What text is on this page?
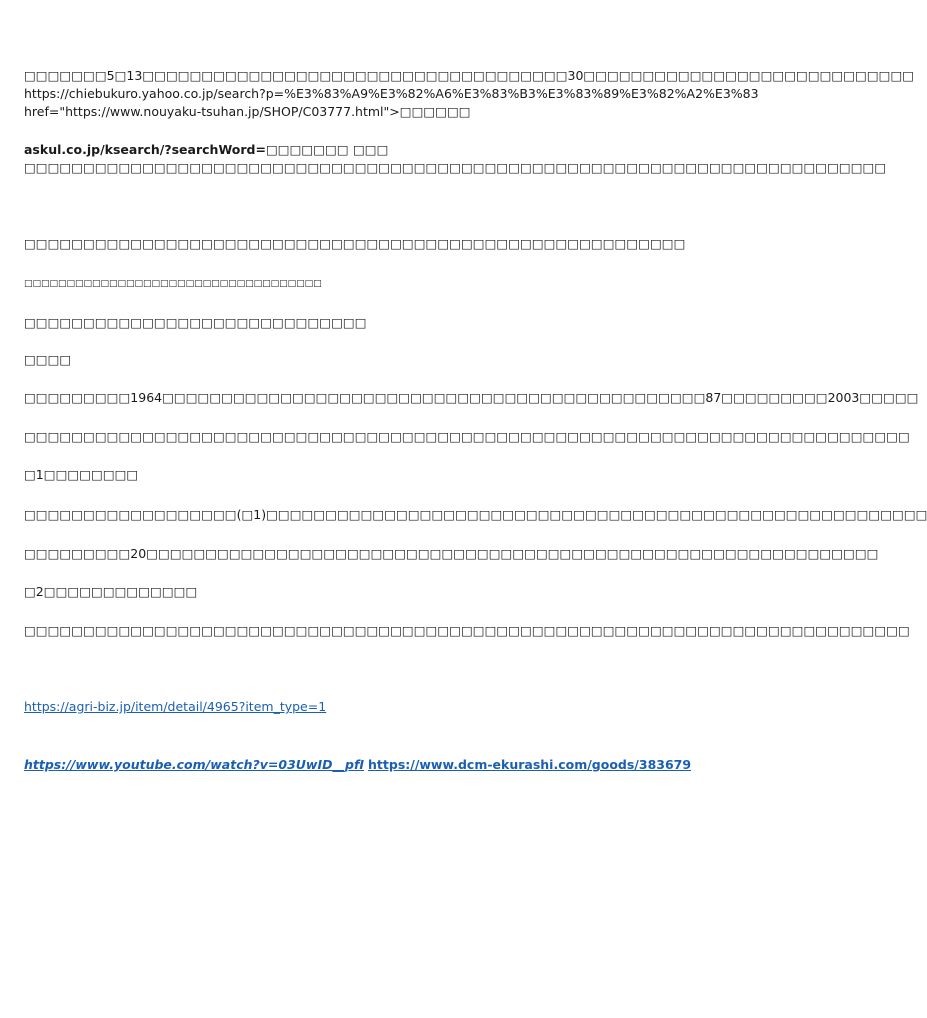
□□□□□□□5□13□□□□□□□□□□□□□□□□□□□□□□□□□□□□□□□□□□□□30□□□□□□□□□□□□□□□□□□□□□□□□□□□□
https://chiebukuro.yahoo.co.jp/search?p=%E3%83%A9%E3%82%A6%E3%83%B3%E3%83%89%E3%82%A2%E3%83
href="https://www.nouyaku-tsuhan.jp/SHOP/C03777.html">□□□□□□
askul.co.jp/ksearch/?searchWord=□□□□□□□ □□□
□□□□□□□□□□□□□□□□□□□□□□□□□□□□□□□□□□□□□□□□□□□□□□□□□□□□□□□□□□□□□□□□□□□□□□□□□
□□□□□□□□□□□□□□□□□□□□□□□□□□□□□□□□□□□□□□□□□□□□□□□□□□□□□□□□
□□□□□□□□□□□□□□□□□□□□□□□□□□□□□□□□□□□
□□□□□□□□□□□□□□□□□□□□□□□□□□□□□
□□□□
□□□□□□□□□1964□□□□□□□□□□□□□□□□□□□□□□□□□□□□□□□□□□□□□□□□□□□□□□87□□□□□□□□□2003□□□□□
□□□□□□□□□□□□□□□□□□□□□□□□□□□□□□□□□□□□□□□□□□□□□□□□□□□□□□□□□□□□□□□□□□□□□□□□□□□
□1□□□□□□□□
□□□□□□□□□□□□□□□□□□(□1)□□□□□□□□□□□□□□□□□□□□□□□□□□□□□□□□□□□□□□□□□□□□□□□□□□□□□□□□
□□□□□□□□□20□□□□□□□□□□□□□□□□□□□□□□□□□□□□□□□□□□□□□□□□□□□□□□□□□□□□□□□□□□□□□□
□2□□□□□□□□□□□□□
□□□□□□□□□□□□□□□□□□□□□□□□□□□□□□□□□□□□□□□□□□□□□□□□□□□□□□□□□□□□□□□□□□□□□□□□□□□
https://agri-biz.jp/item/detail/4965?item_type=1
https://www.youtube.com/watch?v=03UwID__pfI https://www.dcm-ekurashi.com/goods/383679
